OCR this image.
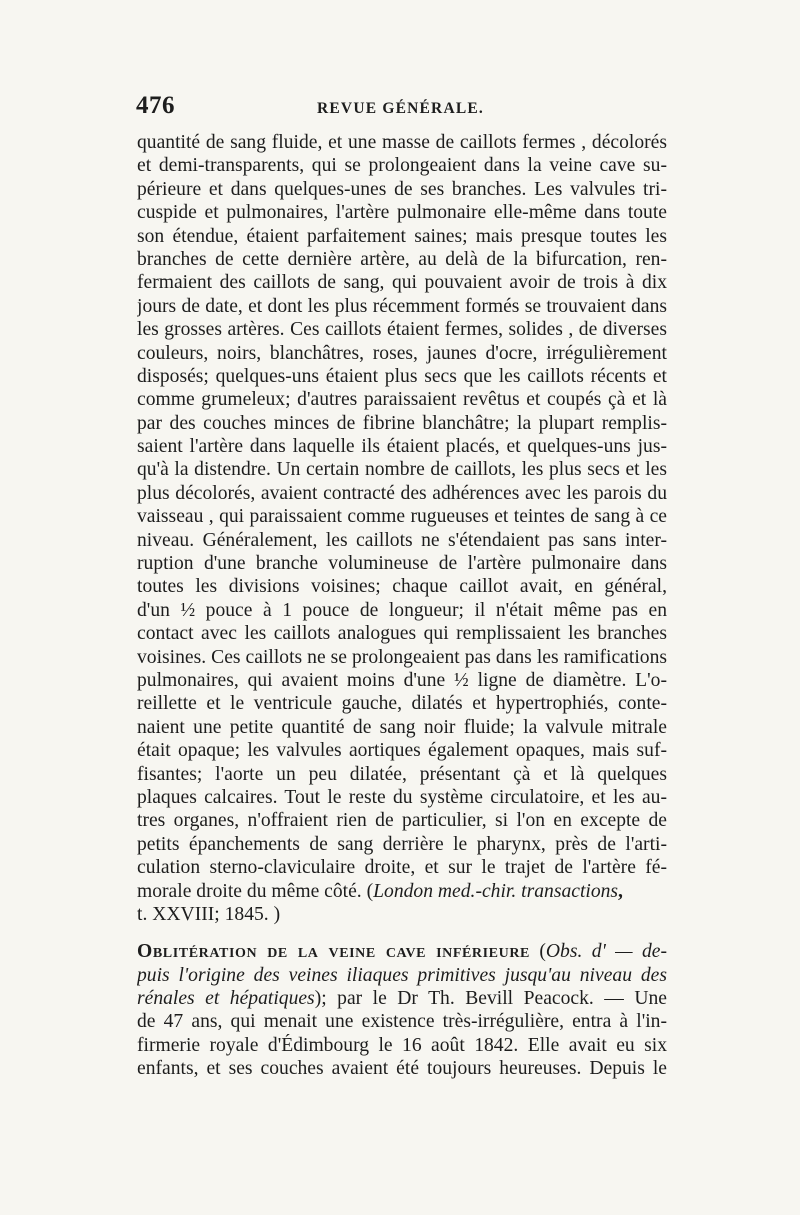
476	REVUE GÉNÉRALE.
quantité de sang fluide, et une masse de caillots fermes , décolorés
et demi-transparents, qui se prolongeaient dans la veine cave su-
périeure et dans quelques-unes de ses branches. Les valvules tri-
cuspide et pulmonaires, l'artère pulmonaire elle-même dans toute
son étendue, étaient parfaitement saines; mais presque toutes les
branches de cette dernière artère, au delà de la bifurcation, ren-
fermaient des caillots de sang, qui pouvaient avoir de trois à dix
jours de date, et dont les plus récemment formés se trouvaient dans
les grosses artères. Ces caillots étaient fermes, solides , de diverses
couleurs, noirs, blanchâtres, roses, jaunes d'ocre, irrégulièrement
disposés; quelques-uns étaient plus secs que les caillots récents et
comme grumeleux; d'autres paraissaient revêtus et coupés çà et là
par des couches minces de fibrine blanchâtre; la plupart remplis-
saient l'artère dans laquelle ils étaient placés, et quelques-uns jus-
qu'à la distendre. Un certain nombre de caillots, les plus secs et les
plus décolorés, avaient contracté des adhérences avec les parois du
vaisseau , qui paraissaient comme rugueuses et teintes de sang à ce
niveau. Généralement, les caillots ne s'étendaient pas sans inter-
ruption d'une branche volumineuse de l'artère pulmonaire dans
toutes les divisions voisines; chaque caillot avait, en général,
d'un ½ pouce à 1 pouce de longueur; il n'était même pas en
contact avec les caillots analogues qui remplissaient les branches
voisines. Ces caillots ne se prolongeaient pas dans les ramifications
pulmonaires, qui avaient moins d'une ½ ligne de diamètre. L'o-
reillette et le ventricule gauche, dilatés et hypertrophiés, conte-
naient une petite quantité de sang noir fluide; la valvule mitrale
était opaque; les valvules aortiques également opaques, mais suf-
fisantes; l'aorte un peu dilatée, présentant çà et là quelques
plaques calcaires. Tout le reste du système circulatoire, et les au-
tres organes, n'offraient rien de particulier, si l'on en excepte de
petits épanchements de sang derrière le pharynx, près de l'arti-
culation sterno-claviculaire droite, et sur le trajet de l'artère fé-
morale droite du même côté. (London med.-chir. transactions,
t. XXVIII; 1845. )
Oblitération de la veine cave inférieure (Obs. d' — de-
puis l'origine des veines iliaques primitives jusqu'au niveau des
rénales et hépatiques); par le Dr Th. Bevill Peacock. — Une
de 47 ans, qui menait une existence très-irrégulière, entra à l'in-
firmerie royale d'Édimbourg le 16 août 1842. Elle avait eu six
enfants, et ses couches avaient été toujours heureuses. Depuis le
